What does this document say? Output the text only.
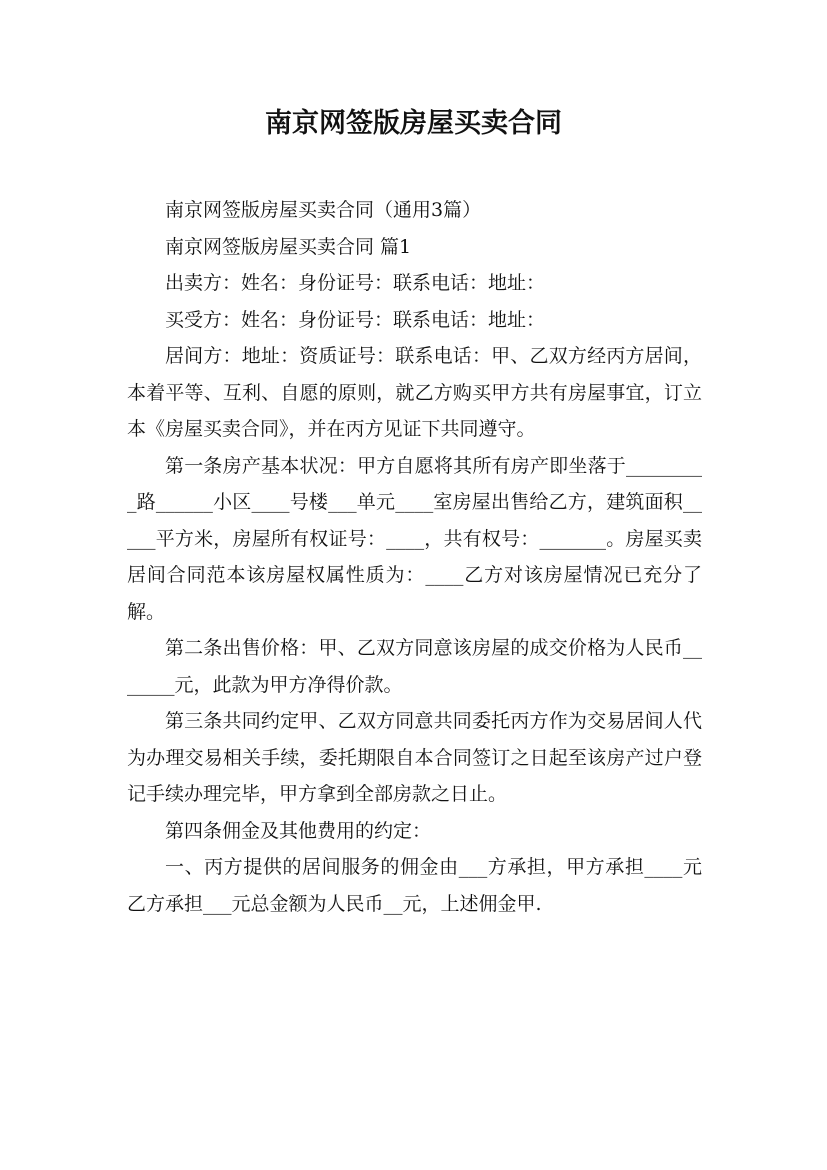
南京网签版房屋买卖合同

南京网签版房屋买卖合同（通用3篇）

南京网签版房屋买卖合同 篇1

出卖方：姓名：身份证号：联系电话：地址：

买受方：姓名：身份证号：联系电话：地址：

居间方：地址：资质证号：联系电话：甲、乙双方经丙方居间，本着平等、互利、自愿的原则，就乙方购买甲方共有房屋事宜，订立本《房屋买卖合同》，并在丙方见证下共同遵守。

第一条房产基本状况：甲方自愿将其所有房产即坐落于_________路______小区____号楼___单元____室房屋出售给乙方，建筑面积_____平方米，房屋所有权证号：____，共有权号：_______。房屋买卖居间合同范本该房屋权属性质为：____乙方对该房屋情况已充分了解。

第二条出售价格：甲、乙双方同意该房屋的成交价格为人民币_______元，此款为甲方净得价款。

第三条共同约定甲、乙双方同意共同委托丙方作为交易居间人代为办理交易相关手续，委托期限自本合同签订之日起至该房产过户登记手续办理完毕，甲方拿到全部房款之日止。

第四条佣金及其他费用的约定：

一、丙方提供的居间服务的佣金由___方承担，甲方承担____元乙方承担___元总金额为人民币__元，上述佣金甲.
